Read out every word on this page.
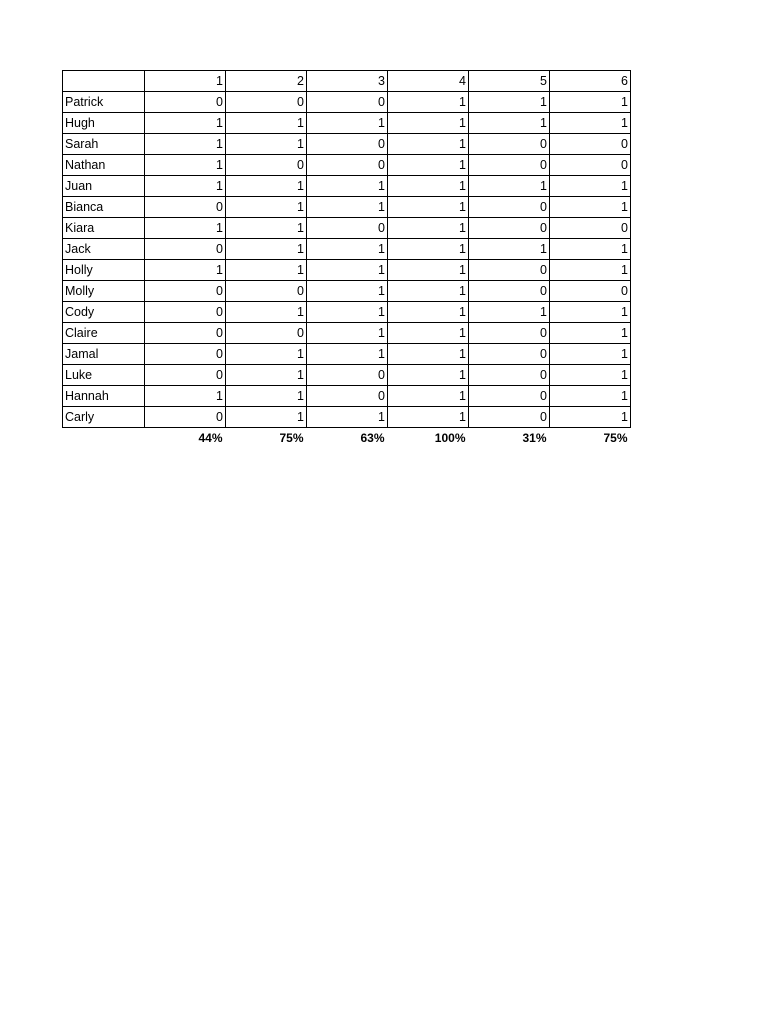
	1	2	3	4	5	6
Patrick	0	0	0	1	1	1
Hugh	1	1	1	1	1	1
Sarah	1	1	0	1	0	0
Nathan	1	0	0	1	0	0
Juan	1	1	1	1	1	1
Bianca	0	1	1	1	0	1
Kiara	1	1	0	1	0	0
Jack	0	1	1	1	1	1
Holly	1	1	1	1	0	1
Molly	0	0	1	1	0	0
Cody	0	1	1	1	1	1
Claire	0	0	1	1	0	1
Jamal	0	1	1	1	0	1
Luke	0	1	0	1	0	1
Hannah	1	1	0	1	0	1
Carly	0	1	1	1	0	1
	44%	75%	63%	100%	31%	75%
